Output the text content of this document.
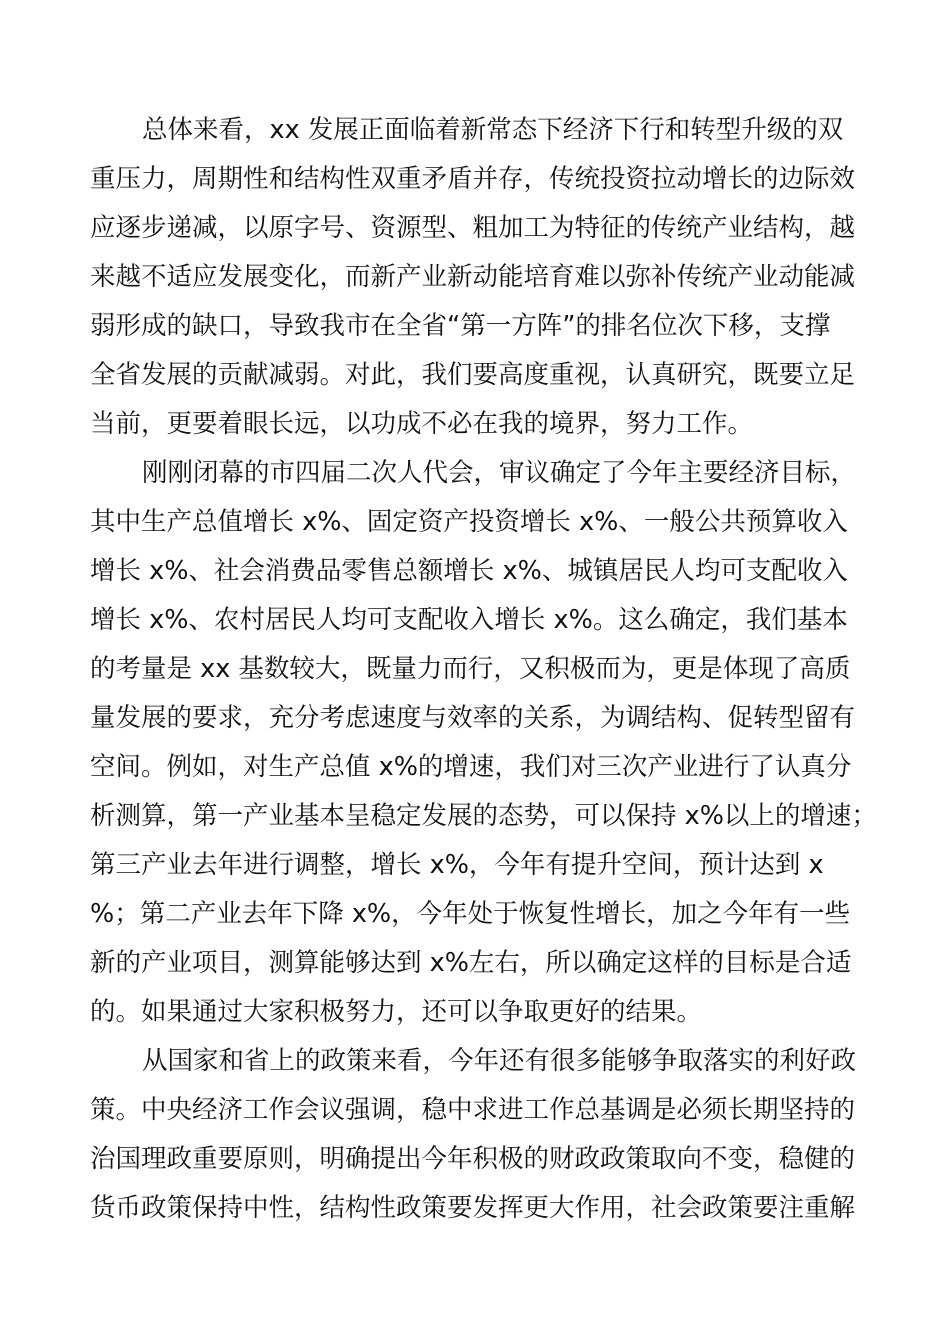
总体来看，xx 发展正面临着新常态下经济下行和转型升级的双
重压力，周期性和结构性双重矛盾并存，传统投资拉动增长的边际效
应逐步递减，以原字号、资源型、粗加工为特征的传统产业结构，越
来越不适应发展变化，而新产业新动能培育难以弥补传统产业动能减
弱形成的缺口，导致我市在全省“第一方阵”的排名位次下移，支撑
全省发展的贡献减弱。对此，我们要高度重视，认真研究，既要立足
当前，更要着眼长远，以功成不必在我的境界，努力工作。
刚刚闭幕的市四届二次人代会，审议确定了今年主要经济目标，
其中生产总值增长 x%、固定资产投资增长 x%、一般公共预算收入
增长 x%、社会消费品零售总额增长 x%、城镇居民人均可支配收入
增长 x%、农村居民人均可支配收入增长 x%。这么确定，我们基本
的考量是 xx 基数较大，既量力而行，又积极而为，更是体现了高质
量发展的要求，充分考虑速度与效率的关系，为调结构、促转型留有
空间。例如，对生产总值 x%的增速，我们对三次产业进行了认真分
析测算，第一产业基本呈稳定发展的态势，可以保持 x%以上的增速；
第三产业去年进行调整，增长 x%，今年有提升空间，预计达到 x
%；第二产业去年下降 x%，今年处于恢复性增长，加之今年有一些
新的产业项目，测算能够达到 x%左右，所以确定这样的目标是合适
的。如果通过大家积极努力，还可以争取更好的结果。
从国家和省上的政策来看，今年还有很多能够争取落实的利好政
策。中央经济工作会议强调，稳中求进工作总基调是必须长期坚持的
治国理政重要原则，明确提出今年积极的财政政策取向不变，稳健的
货币政策保持中性，结构性政策要发挥更大作用，社会政策要注重解
